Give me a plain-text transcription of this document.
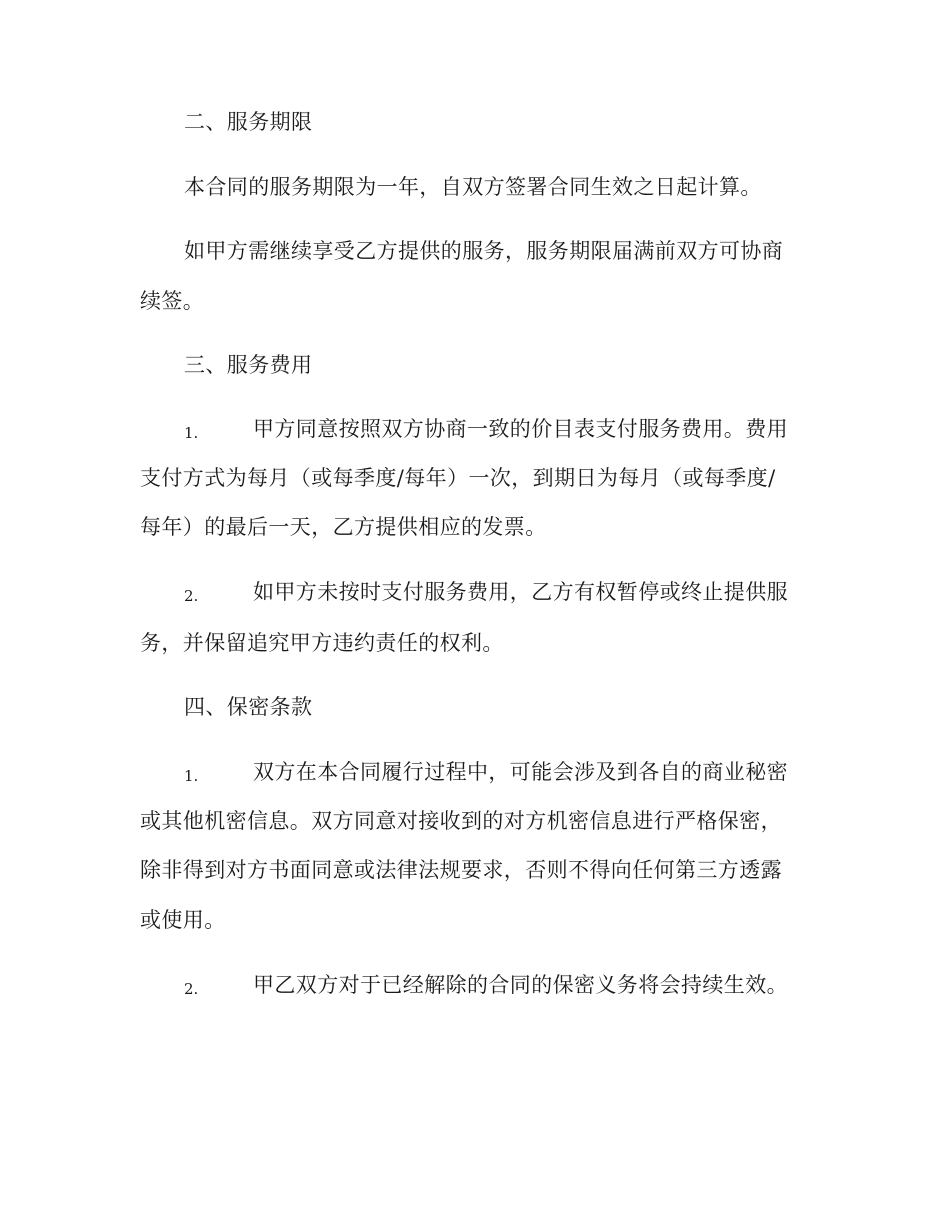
二、服务期限
本合同的服务期限为一年，自双方签署合同生效之日起计算。
如甲方需继续享受乙方提供的服务，服务期限届满前双方可协商
续签。
三、服务费用
1.	甲方同意按照双方协商一致的价目表支付服务费用。费用
支付方式为每月（或每季度/每年）一次，到期日为每月（或每季度/
每年）的最后一天，乙方提供相应的发票。
2.	如甲方未按时支付服务费用，乙方有权暂停或终止提供服
务，并保留追究甲方违约责任的权利。
四、保密条款
1.	双方在本合同履行过程中，可能会涉及到各自的商业秘密
或其他机密信息。双方同意对接收到的对方机密信息进行严格保密，
除非得到对方书面同意或法律法规要求，否则不得向任何第三方透露
或使用。
2.	甲乙双方对于已经解除的合同的保密义务将会持续生效。
